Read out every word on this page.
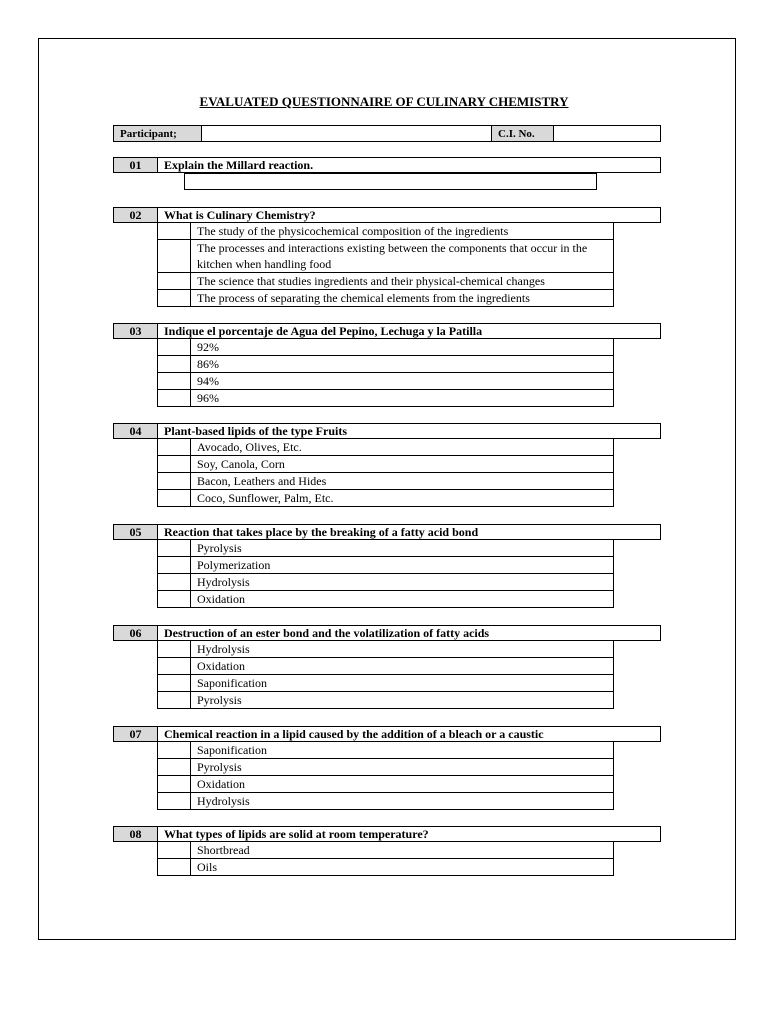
EVALUATED QUESTIONNAIRE OF CULINARY CHEMISTRY
Participant;	C.I. No.
01	Explain the Millard reaction.
02	What is Culinary Chemistry?
The study of the physicochemical composition of the ingredients
The processes and interactions existing between the components that occur in the kitchen when handling food
The science that studies ingredients and their physical-chemical changes
The process of separating the chemical elements from the ingredients
03	Indique el porcentaje de Agua del Pepino, Lechuga y la Patilla
92%
86%
94%
96%
04	Plant-based lipids of the type Fruits
Avocado, Olives, Etc.
Soy, Canola, Corn
Bacon, Leathers and Hides
Coco, Sunflower, Palm, Etc.
05	Reaction that takes place by the breaking of a fatty acid bond
Pyrolysis
Polymerization
Hydrolysis
Oxidation
06	Destruction of an ester bond and the volatilization of fatty acids
Hydrolysis
Oxidation
Saponification
Pyrolysis
07	Chemical reaction in a lipid caused by the addition of a bleach or a caustic
Saponification
Pyrolysis
Oxidation
Hydrolysis
08	What types of lipids are solid at room temperature?
Shortbread
Oils
